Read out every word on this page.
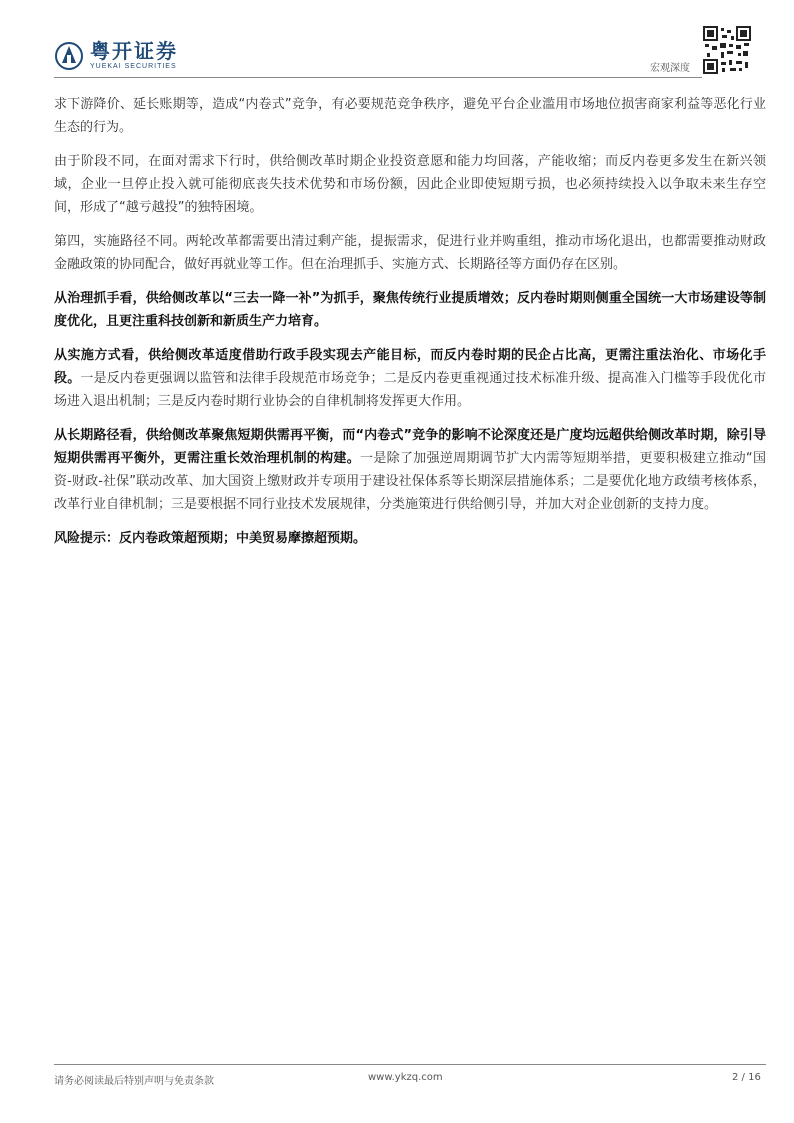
粤开证券
YUEKAI SECURITIES	宏观深度

求下游降价、延长账期等，造成“内卷式”竞争，有必要规范竞争秩序，避免平台企业滥用市场地位损害商家利益等恶化行业生态的行为。

由于阶段不同，在面对需求下行时，供给侧改革时期企业投资意愿和能力均回落，产能收缩；而反内卷更多发生在新兴领域，企业一旦停止投入就可能彻底丧失技术优势和市场份额，因此企业即使短期亏损，也必须持续投入以争取未来生存空间，形成了“越亏越投”的独特困境。

第四，实施路径不同。两轮改革都需要出清过剩产能，提振需求，促进行业并购重组，推动市场化退出，也都需要推动财政金融政策的协同配合，做好再就业等工作。但在治理抓手、实施方式、长期路径等方面仍存在区别。

从治理抓手看，供给侧改革以“三去一降一补”为抓手，聚焦传统行业提质增效；反内卷时期则侧重全国统一大市场建设等制度优化，且更注重科技创新和新质生产力培育。

从实施方式看，供给侧改革适度借助行政手段实现去产能目标，而反内卷时期的民企占比高，更需注重法治化、市场化手段。一是反内卷更强调以监管和法律手段规范市场竞争；二是反内卷更重视通过技术标准升级、提高准入门槛等手段优化市场进入退出机制；三是反内卷时期行业协会的自律机制将发挥更大作用。

从长期路径看，供给侧改革聚焦短期供需再平衡，而“内卷式”竞争的影响不论深度还是广度均远超供给侧改革时期，除引导短期供需再平衡外，更需注重长效治理机制的构建。一是除了加强逆周期调节扩大内需等短期举措，更要积极建立推动“国资-财政-社保”联动改革、加大国资上缴财政并专项用于建设社保体系等长期深层措施体系；二是要优化地方政绩考核体系，改革行业自律机制；三是要根据不同行业技术发展规律，分类施策进行供给侧引导，并加大对企业创新的支持力度。

风险提示：反内卷政策超预期；中美贸易摩擦超预期。

请务必阅读最后特别声明与免责条款	www.ykzq.com	2 / 16
